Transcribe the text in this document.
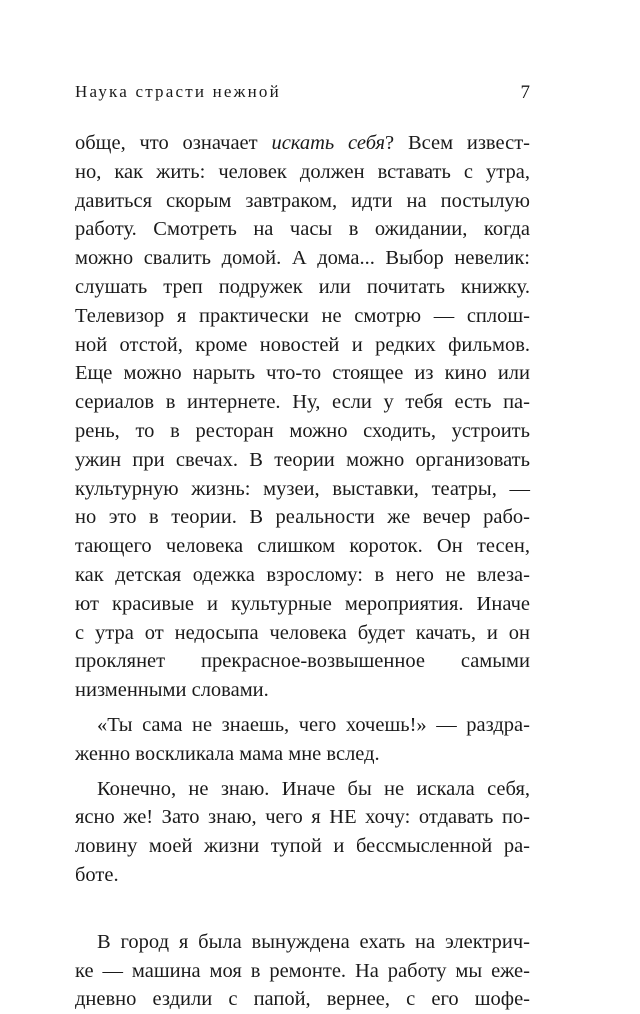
Наука страсти нежной	7
обще, что означает искать себя? Всем извест-
но, как жить: человек должен вставать с утра,
давиться скорым завтраком, идти на постылую
работу. Смотреть на часы в ожидании, когда
можно свалить домой. А дома... Выбор невелик:
слушать треп подружек или почитать книжку.
Телевизор я практически не смотрю — сплош-
ной отстой, кроме новостей и редких фильмов.
Еще можно нарыть что-то стоящее из кино или
сериалов в интернете. Ну, если у тебя есть па-
рень, то в ресторан можно сходить, устроить
ужин при свечах. В теории можно организовать
культурную жизнь: музеи, выставки, театры, —
но это в теории. В реальности же вечер рабо-
тающего человека слишком короток. Он тесен,
как детская одежка взрослому: в него не влеза-
ют красивые и культурные мероприятия. Иначе
с утра от недосыпа человека будет качать, и он
проклянет прекрасное-возвышенное самыми
низменными словами.
«Ты сама не знаешь, чего хочешь!» — раздра-
женно воскликала мама мне вслед.
Конечно, не знаю. Иначе бы не искала себя,
ясно же! Зато знаю, чего я НЕ хочу: отдавать по-
ловину моей жизни тупой и бессмысленной ра-
боте.
В город я была вынуждена ехать на электрич-
ке — машина моя в ремонте. На работу мы еже-
дневно ездили с папой, вернее, с его шофе-
